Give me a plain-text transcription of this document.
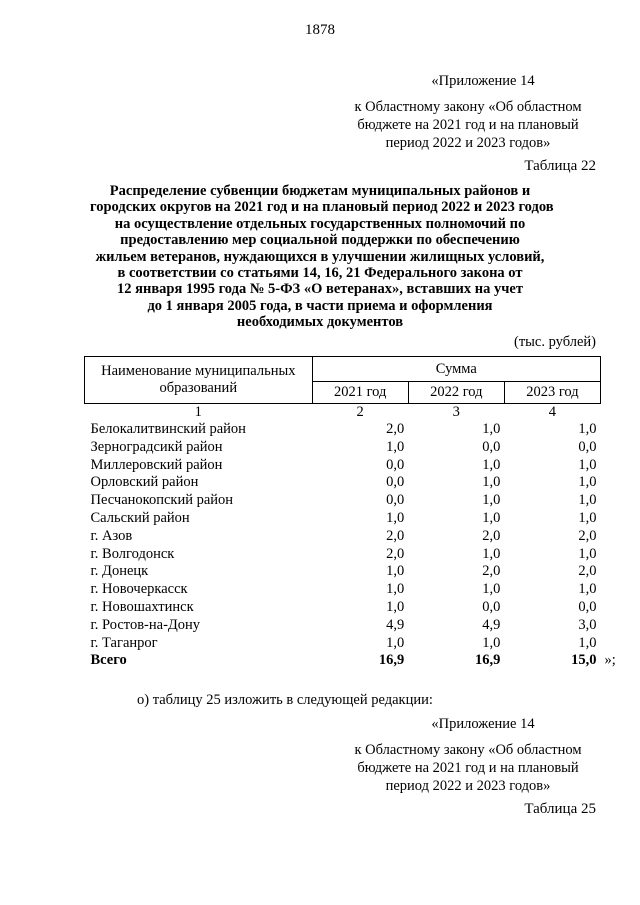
1878
«Приложение 14
к Областному закону «Об областном
бюджете на 2021 год и на плановый
период 2022 и 2023 годов»
Таблица 22
Распределение субвенции бюджетам муниципальных районов и
городских округов на 2021 год и на плановый период 2022 и 2023 годов
на осуществление отдельных государственных полномочий по
предоставлению мер социальной поддержки по обеспечению
жильем ветеранов, нуждающихся в улучшении жилищных условий,
в соответствии со статьями 14, 16, 21 Федерального закона от
12 января 1995 года № 5-ФЗ «О ветеранах», вставших на учет
до 1 января 2005 года, в части приема и оформления
необходимых документов
(тыс. рублей)
Наименование муниципальных
образований	Сумма		
	2021 год	2022 год	2023 год
1	2	3	4
Белокалитвинский район	2,0	1,0	1,0
Зерноградсикй район	1,0	0,0	0,0
Миллеровский район	0,0	1,0	1,0
Орловский район	0,0	1,0	1,0
Песчанокопский район	0,0	1,0	1,0
Сальский район	1,0	1,0	1,0
г. Азов	2,0	2,0	2,0
г. Волгодонск	2,0	1,0	1,0
г. Донецк	1,0	2,0	2,0
г. Новочеркасск	1,0	1,0	1,0
г. Новошахтинск	1,0	0,0	0,0
г. Ростов-на-Дону	4,9	4,9	3,0
г. Таганрог	1,0	1,0	1,0
Всего	16,9	16,9	15,0 »;
о) таблицу 25 изложить в следующей редакции:
«Приложение 14
к Областному закону «Об областном
бюджете на 2021 год и на плановый
период 2022 и 2023 годов»
Таблица 25
